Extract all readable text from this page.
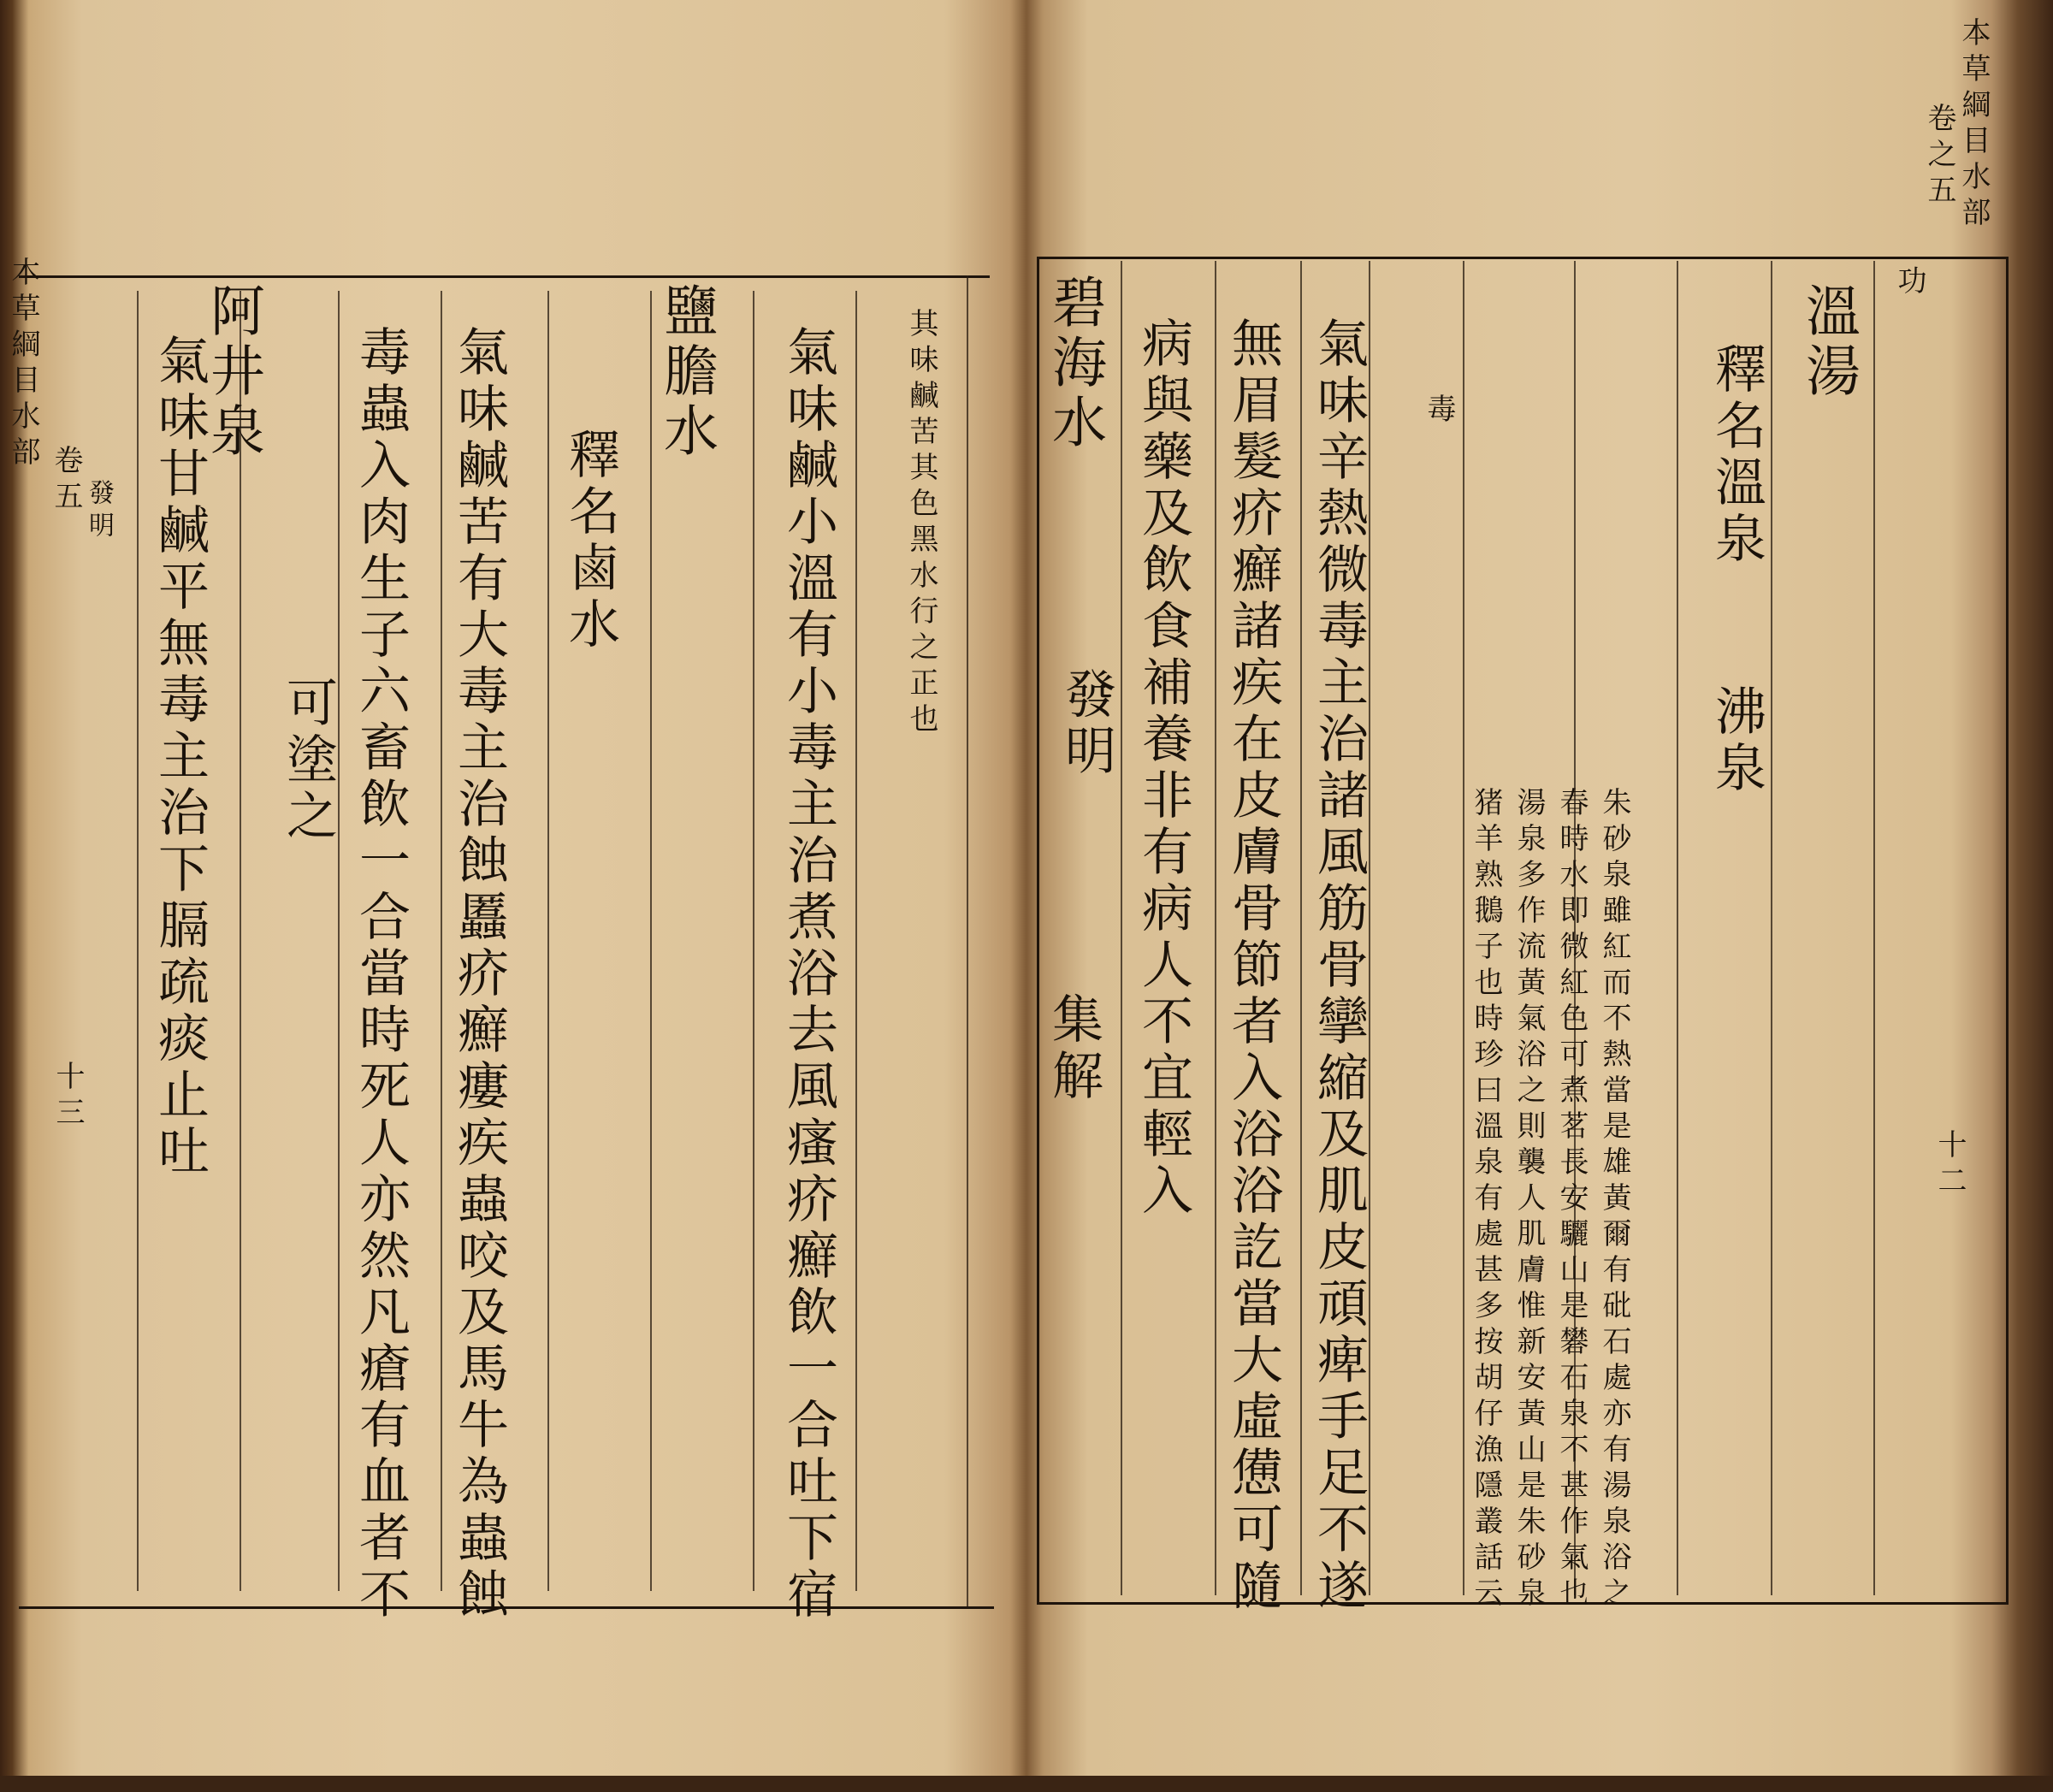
本草綱目水部
卷五
十三 氣味甘鹹平無毒主治下膈疏痰止吐
發明
阿井泉
可塗之 毒蟲入肉生子六畜飲一合當時死人亦然凡瘡有血者不 氣味鹹苦有大毒主治蝕䘌疥癬瘻疾蟲咬及馬牛為蟲蝕 釋名鹵水
鹽膽水 氣味鹹小溫有小毒主治煮浴去風瘙疥癬飲一合吐下宿 其味鹹苦其色黑水行之正也
本草綱目水部
卷之五
十二
功
溫湯
釋名溫泉
沸泉
朱砂泉雖紅而不熱當是雄黃爾有砒石處亦有湯泉浴之
春時水即微紅色可煮茗長安驪山是礬石泉不甚作氣也
湯泉多作流黃氣浴之則襲人肌膚惟新安黃山是朱砂泉
猪羊熟鵝子也時珍曰溫泉有處甚多按胡仔漁隱叢話云
毒
氣味辛熱微毒主治諸風筋骨攣縮及肌皮頑痺手足不遂
無眉髮疥癬諸疾在皮膚骨節者入浴浴訖當大虛憊可隨
病與藥及飲食補養非有病人不宜輕入
發明
碧海水
集解
